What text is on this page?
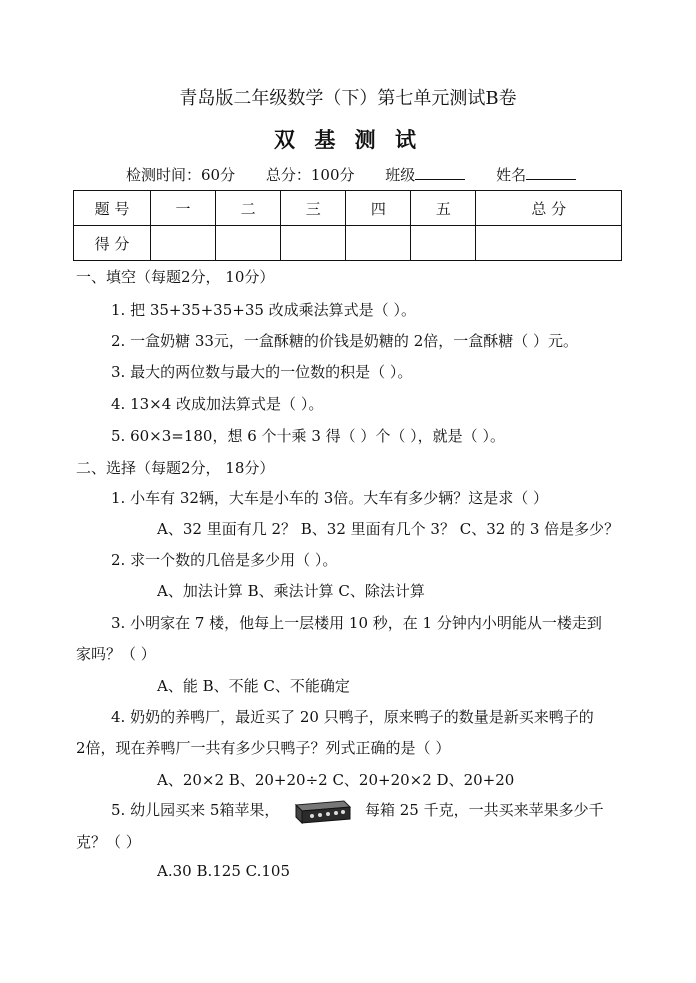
青岛版二年级数学（下）第七单元测试B卷
双 基 测 试
检测时间：60分 总分：100分 班级	姓名
题 号	一	二	三	四	五	总 分
得 分						
一、填空（每题2分， 10分）
1. 把 35+35+35+35 改成乘法算式是（ ）。
2. 一盒奶糖 33元，一盒酥糖的价钱是奶糖的 2倍，一盒酥糖（ ）元。
3. 最大的两位数与最大的一位数的积是（ ）。
4. 13×4 改成加法算式是（ ）。
5. 60×3=180，想 6 个十乘 3 得（ ）个（ ），就是（ ）。
二、选择（每题2分， 18分）
1. 小车有 32辆，大车是小车的 3倍。大车有多少辆？这是求（ ）
A、32 里面有几 2？ B、32 里面有几个 3？ C、32 的 3 倍是多少？
2. 求一个数的几倍是多少用（ ）。
A、加法计算 B、乘法计算 C、除法计算
3. 小明家在 7 楼，他每上一层楼用 10 秒，在 1 分钟内小明能从一楼走到
家吗？（ ）
A、能 B、不能 C、不能确定
4. 奶奶的养鸭厂，最近买了 20 只鸭子，原来鸭子的数量是新买来鸭子的
2倍，现在养鸭厂一共有多少只鸭子？列式正确的是（ ）
A、20×2 B、20+20÷2 C、20+20×2 D、20+20
5. 幼儿园买来 5箱苹果，	每箱 25 千克，一共买来苹果多少千
克？（ ）
A.30 B.125 C.105
